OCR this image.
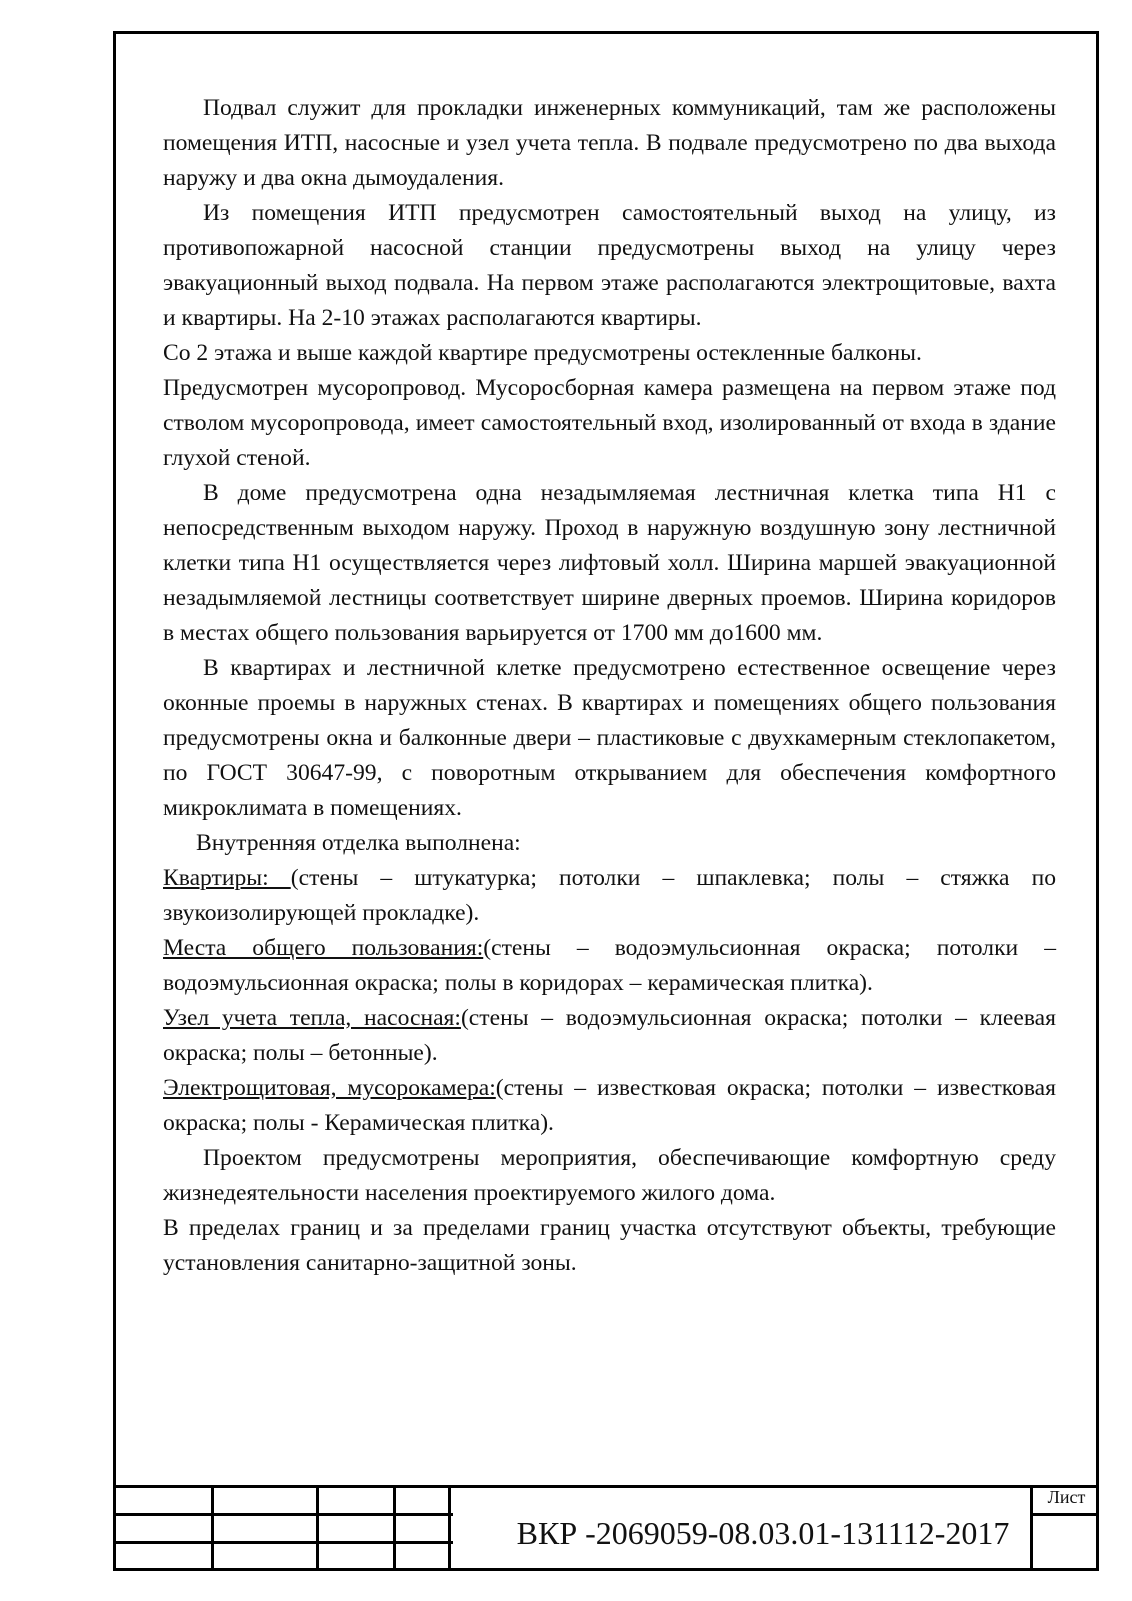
Подвал служит для прокладки инженерных коммуникаций, там же расположены помещения ИТП, насосные и узел учета тепла. В подвале предусмотрено по два выхода наружу и два окна дымоудаления.

Из помещения ИТП предусмотрен самостоятельный выход на улицу, из противопожарной насосной станции предусмотрены выход на улицу через эвакуационный выход подвала. На первом этаже располагаются электрощитовые, вахта и квартиры. На 2-10 этажах располагаются квартиры.

Со 2 этажа и выше каждой квартире предусмотрены остекленные балконы.

Предусмотрен мусоропровод. Мусоросборная камера размещена на первом этаже под стволом мусоропровода, имеет самостоятельный вход, изолированный от входа в здание глухой стеной.

В доме предусмотрена одна незадымляемая лестничная клетка типа Н1 с непосредственным выходом наружу. Проход в наружную воздушную зону лестничной клетки типа Н1 осуществляется через лифтовый холл. Ширина маршей эвакуационной незадымляемой лестницы соответствует ширине дверных проемов. Ширина коридоров в местах общего пользования варьируется от 1700 мм до1600 мм.

В квартирах и лестничной клетке предусмотрено естественное освещение через оконные проемы в наружных стенах. В квартирах и помещениях общего пользования предусмотрены окна и балконные двери – пластиковые с двухкамерным стеклопакетом, по ГОСТ 30647-99, с поворотным открыванием для обеспечения комфортного микроклимата в помещениях.

Внутренняя отделка выполнена:

Квартиры: (стены – штукатурка; потолки – шпаклевка; полы – стяжка по звукоизолирующей прокладке).

Места общего пользования:(стены – водоэмульсионная окраска; потолки – водоэмульсионная окраска; полы в коридорах – керамическая плитка).

Узел учета тепла, насосная:(стены – водоэмульсионная окраска; потолки – клеевая окраска; полы – бетонные).

Электрощитовая, мусорокамера:(стены – известковая окраска; потолки – известковая окраска; полы - Керамическая плитка).

Проектом предусмотрены мероприятия, обеспечивающие комфортную среду жизнедеятельности населения проектируемого жилого дома.

В пределах границ и за пределами границ участка отсутствуют объекты, требующие установления санитарно-защитной зоны.

ВКР -2069059-08.03.01-131112-2017
Лист
